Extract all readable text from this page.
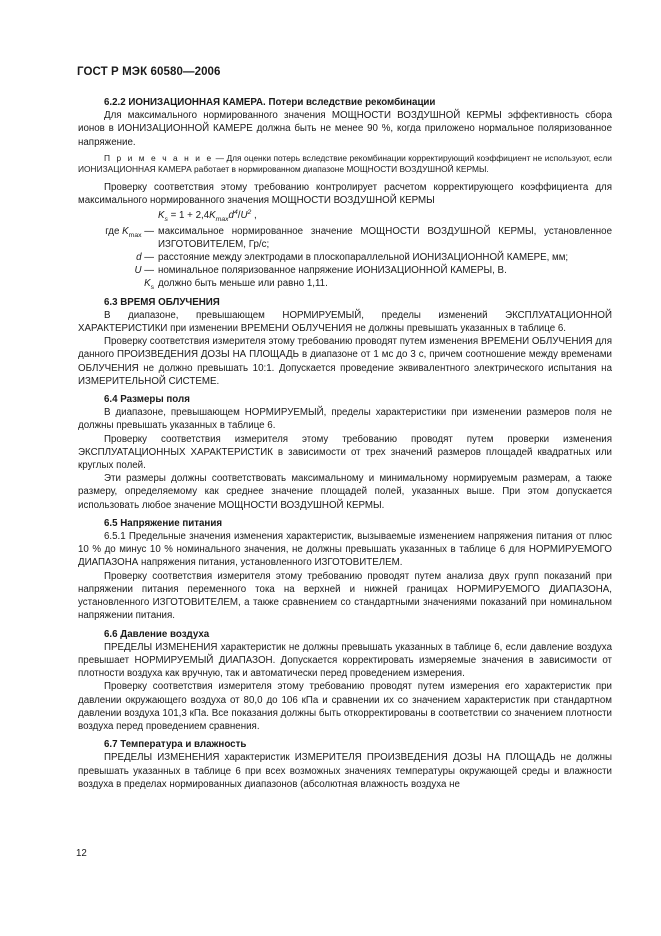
ГОСТ Р МЭК 60580—2006

6.2.2 ИОНИЗАЦИОННАЯ КАМЕРА. Потери вследствие рекомбинации

Для максимального нормированного значения МОЩНОСТИ ВОЗДУШНОЙ КЕРМЫ эффективность сбора ионов в ИОНИЗАЦИОННОЙ КАМЕРЕ должна быть не менее 90 %, когда приложено нормальное поляризованное напряжение.

П р и м е ч а н и е — Для оценки потерь вследствие рекомбинации корректирующий коэффициент не используют, если ИОНИЗАЦИОННАЯ КАМЕРА работает в нормированном диапазоне МОЩНОСТИ ВОЗДУШНОЙ КЕРМЫ.

Проверку соответствия этому требованию контролирует расчетом корректирующего коэффициента для максимального нормированного значения МОЩНОСТИ ВОЗДУШНОЙ КЕРМЫ

$K_s = 1 + 2,4K_{max}d^4/U^2$ ,

где $K_{max}$ — максимальное нормированное значение МОЩНОСТИ ВОЗДУШНОЙ КЕРМЫ, установленное ИЗГОТОВИТЕЛЕМ, Гр/с;
d — расстояние между электродами в плоскопараллельной ИОНИЗАЦИОННОЙ КАМЕРЕ, мм;
U — номинальное поляризованное напряжение ИОНИЗАЦИОННОЙ КАМЕРЫ, В.
$K_s$ должно быть меньше или равно 1,11.

6.3 ВРЕМЯ ОБЛУЧЕНИЯ

В диапазоне, превышающем НОРМИРУЕМЫЙ, пределы изменений ЭКСПЛУАТАЦИОННОЙ ХАРАКТЕРИСТИКИ при изменении ВРЕМЕНИ ОБЛУЧЕНИЯ не должны превышать указанных в таблице 6.

Проверку соответствия измерителя этому требованию проводят путем изменения ВРЕМЕНИ ОБЛУЧЕНИЯ для данного ПРОИЗВЕДЕНИЯ ДОЗЫ НА ПЛОЩАДЬ в диапазоне от 1 мс до 3 с, причем соотношение между временами ОБЛУЧЕНИЯ не должно превышать 10:1. Допускается проведение эквивалентного электрического испытания на ИЗМЕРИТЕЛЬНОЙ СИСТЕМЕ.

6.4 Размеры поля

В диапазоне, превышающем НОРМИРУЕМЫЙ, пределы характеристики при изменении размеров поля не должны превышать указанных в таблице 6.

Проверку соответствия измерителя этому требованию проводят путем проверки изменения ЭКСПЛУАТАЦИОННЫХ ХАРАКТЕРИСТИК в зависимости от трех значений размеров площадей квадратных или круглых полей.

Эти размеры должны соответствовать максимальному и минимальному нормируемым размерам, а также размеру, определяемому как среднее значение площадей полей, указанных выше. При этом допускается использовать любое значение МОЩНОСТИ ВОЗДУШНОЙ КЕРМЫ.

6.5 Напряжение питания

6.5.1 Предельные значения изменения характеристик, вызываемые изменением напряжения питания от плюс 10 % до минус 10 % номинального значения, не должны превышать указанных в таблице 6 для НОРМИРУЕМОГО ДИАПАЗОНА напряжения питания, установленного ИЗГОТОВИТЕЛЕМ.

Проверку соответствия измерителя этому требованию проводят путем анализа двух групп показаний при напряжении питания переменного тока на верхней и нижней границах НОРМИРУЕМОГО ДИАПАЗОНА, установленного ИЗГОТОВИТЕЛЕМ, а также сравнением со стандартными значениями показаний при номинальном напряжении питания.

6.6 Давление воздуха

ПРЕДЕЛЫ ИЗМЕНЕНИЯ характеристик не должны превышать указанных в таблице 6, если давление воздуха превышает НОРМИРУЕМЫЙ ДИАПАЗОН. Допускается корректировать измеряемые значения в зависимости от плотности воздуха как вручную, так и автоматически перед проведением измерения.

Проверку соответствия измерителя этому требованию проводят путем измерения его характеристик при давлении окружающего воздуха от 80,0 до 106 кПа и сравнении их со значением характеристик при стандартном давлении воздуха 101,3 кПа. Все показания должны быть откорректированы в соответствии со значением плотности воздуха перед проведением сравнения.

6.7 Температура и влажность

ПРЕДЕЛЫ ИЗМЕНЕНИЯ характеристик ИЗМЕРИТЕЛЯ ПРОИЗВЕДЕНИЯ ДОЗЫ НА ПЛОЩАДЬ не должны превышать указанных в таблице 6 при всех возможных значениях температуры окружающей среды и влажности воздуха в пределах нормированных диапазонов (абсолютная влажность воздуха не

12
